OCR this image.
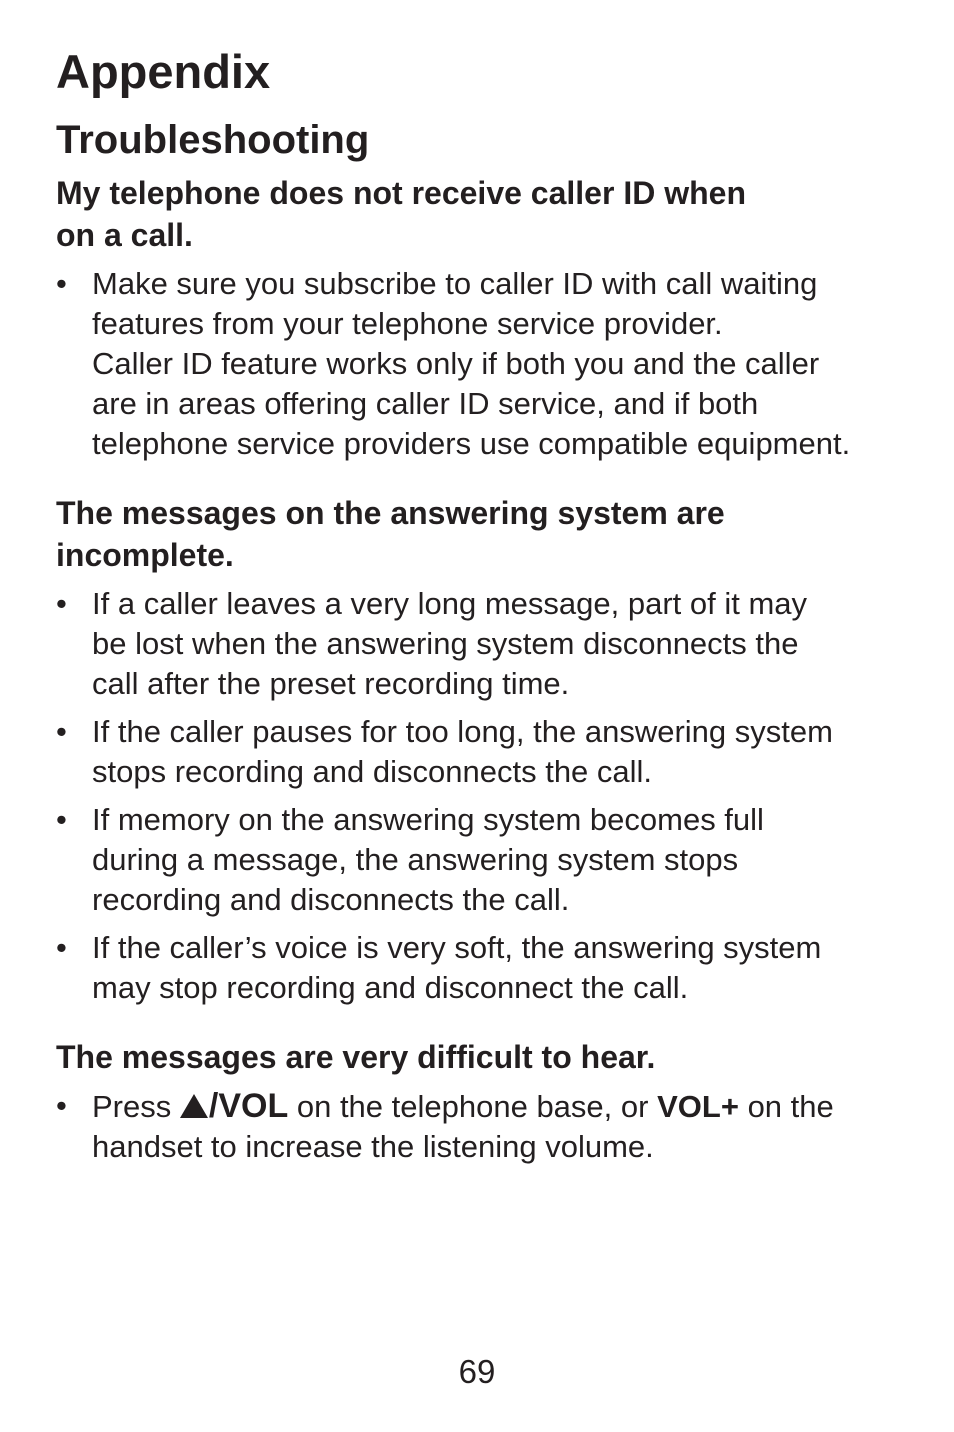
Appendix
Troubleshooting
My telephone does not receive caller ID when
on a call.
• Make sure you subscribe to caller ID with call waiting
features from your telephone service provider.
Caller ID feature works only if both you and the caller
are in areas offering caller ID service, and if both
telephone service providers use compatible equipment.
The messages on the answering system are
incomplete.
• If a caller leaves a very long message, part of it may
be lost when the answering system disconnects the
call after the preset recording time.
• If the caller pauses for too long, the answering system
stops recording and disconnects the call.
• If memory on the answering system becomes full
during a message, the answering system stops
recording and disconnects the call.
• If the caller’s voice is very soft, the answering system
may stop recording and disconnect the call.
The messages are very difficult to hear.
• Press /VOL on the telephone base, or VOL+ on the
handset to increase the listening volume.
69
